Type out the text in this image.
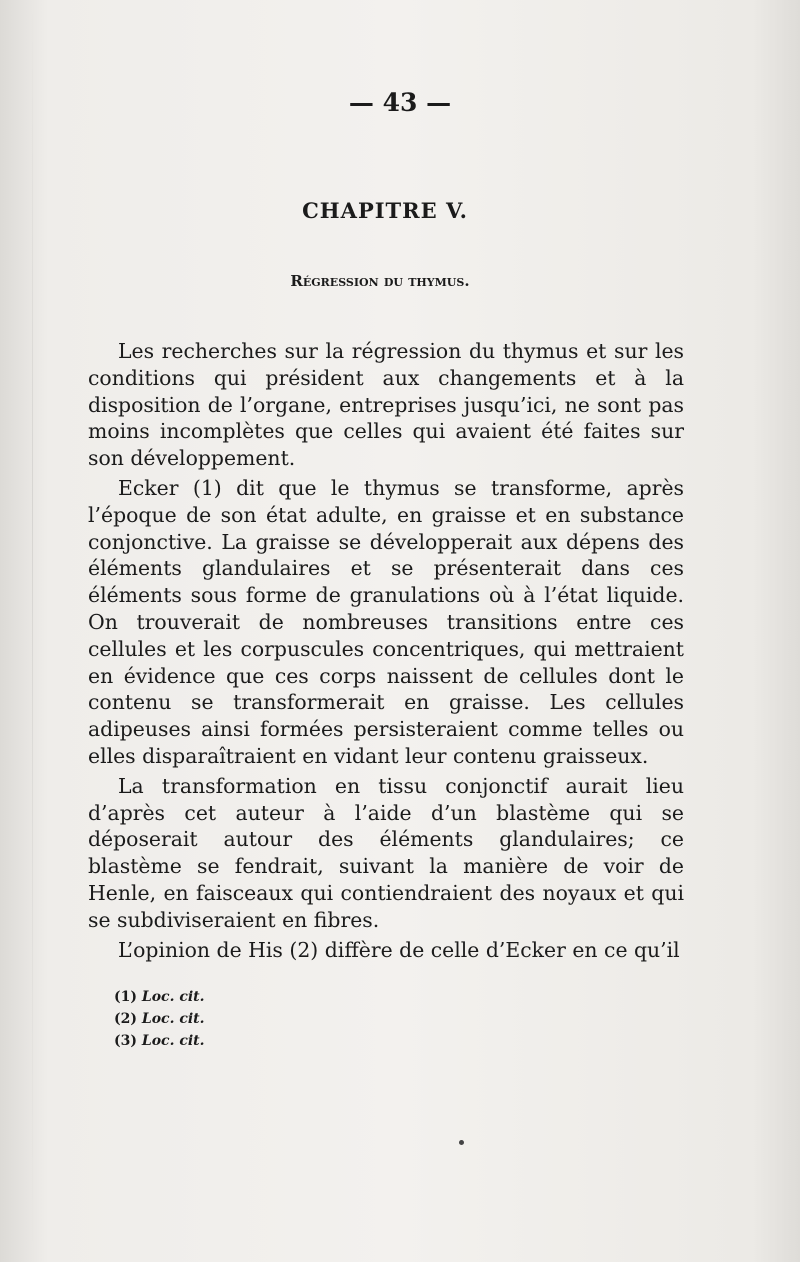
— 43 —
CHAPITRE V.
Régression du thymus.

Les recherches sur la régression du thymus et sur les conditions qui président aux changements et à la disposition de l’organe, entreprises jusqu’ici, ne sont pas moins incomplètes que celles qui avaient été faites sur son développement.

Ecker (1) dit que le thymus se transforme, après l’époque de son état adulte, en graisse et en substance conjonctive. La graisse se développerait aux dépens des éléments glandulaires et se présenterait dans ces éléments sous forme de granulations où à l’état liquide. On trouverait de nombreuses transitions entre ces cellules et les corpuscules concentriques, qui mettraient en évidence que ces corps naissent de cellules dont le contenu se transformerait en graisse. Les cellules adipeuses ainsi formées persisteraient comme telles ou elles disparaîtraient en vidant leur contenu graisseux.

La transformation en tissu conjonctif aurait lieu d’après cet auteur à l’aide d’un blastème qui se déposerait autour des éléments glandulaires; ce blastème se fendrait, suivant la manière de voir de Henle, en faisceaux qui contiendraient des noyaux et qui se subdiviseraient en fibres.

L’opinion de His (2) diffère de celle d’Ecker en ce qu’il

(1) Loc. cit.
(2) Loc. cit.
(3) Loc. cit.
